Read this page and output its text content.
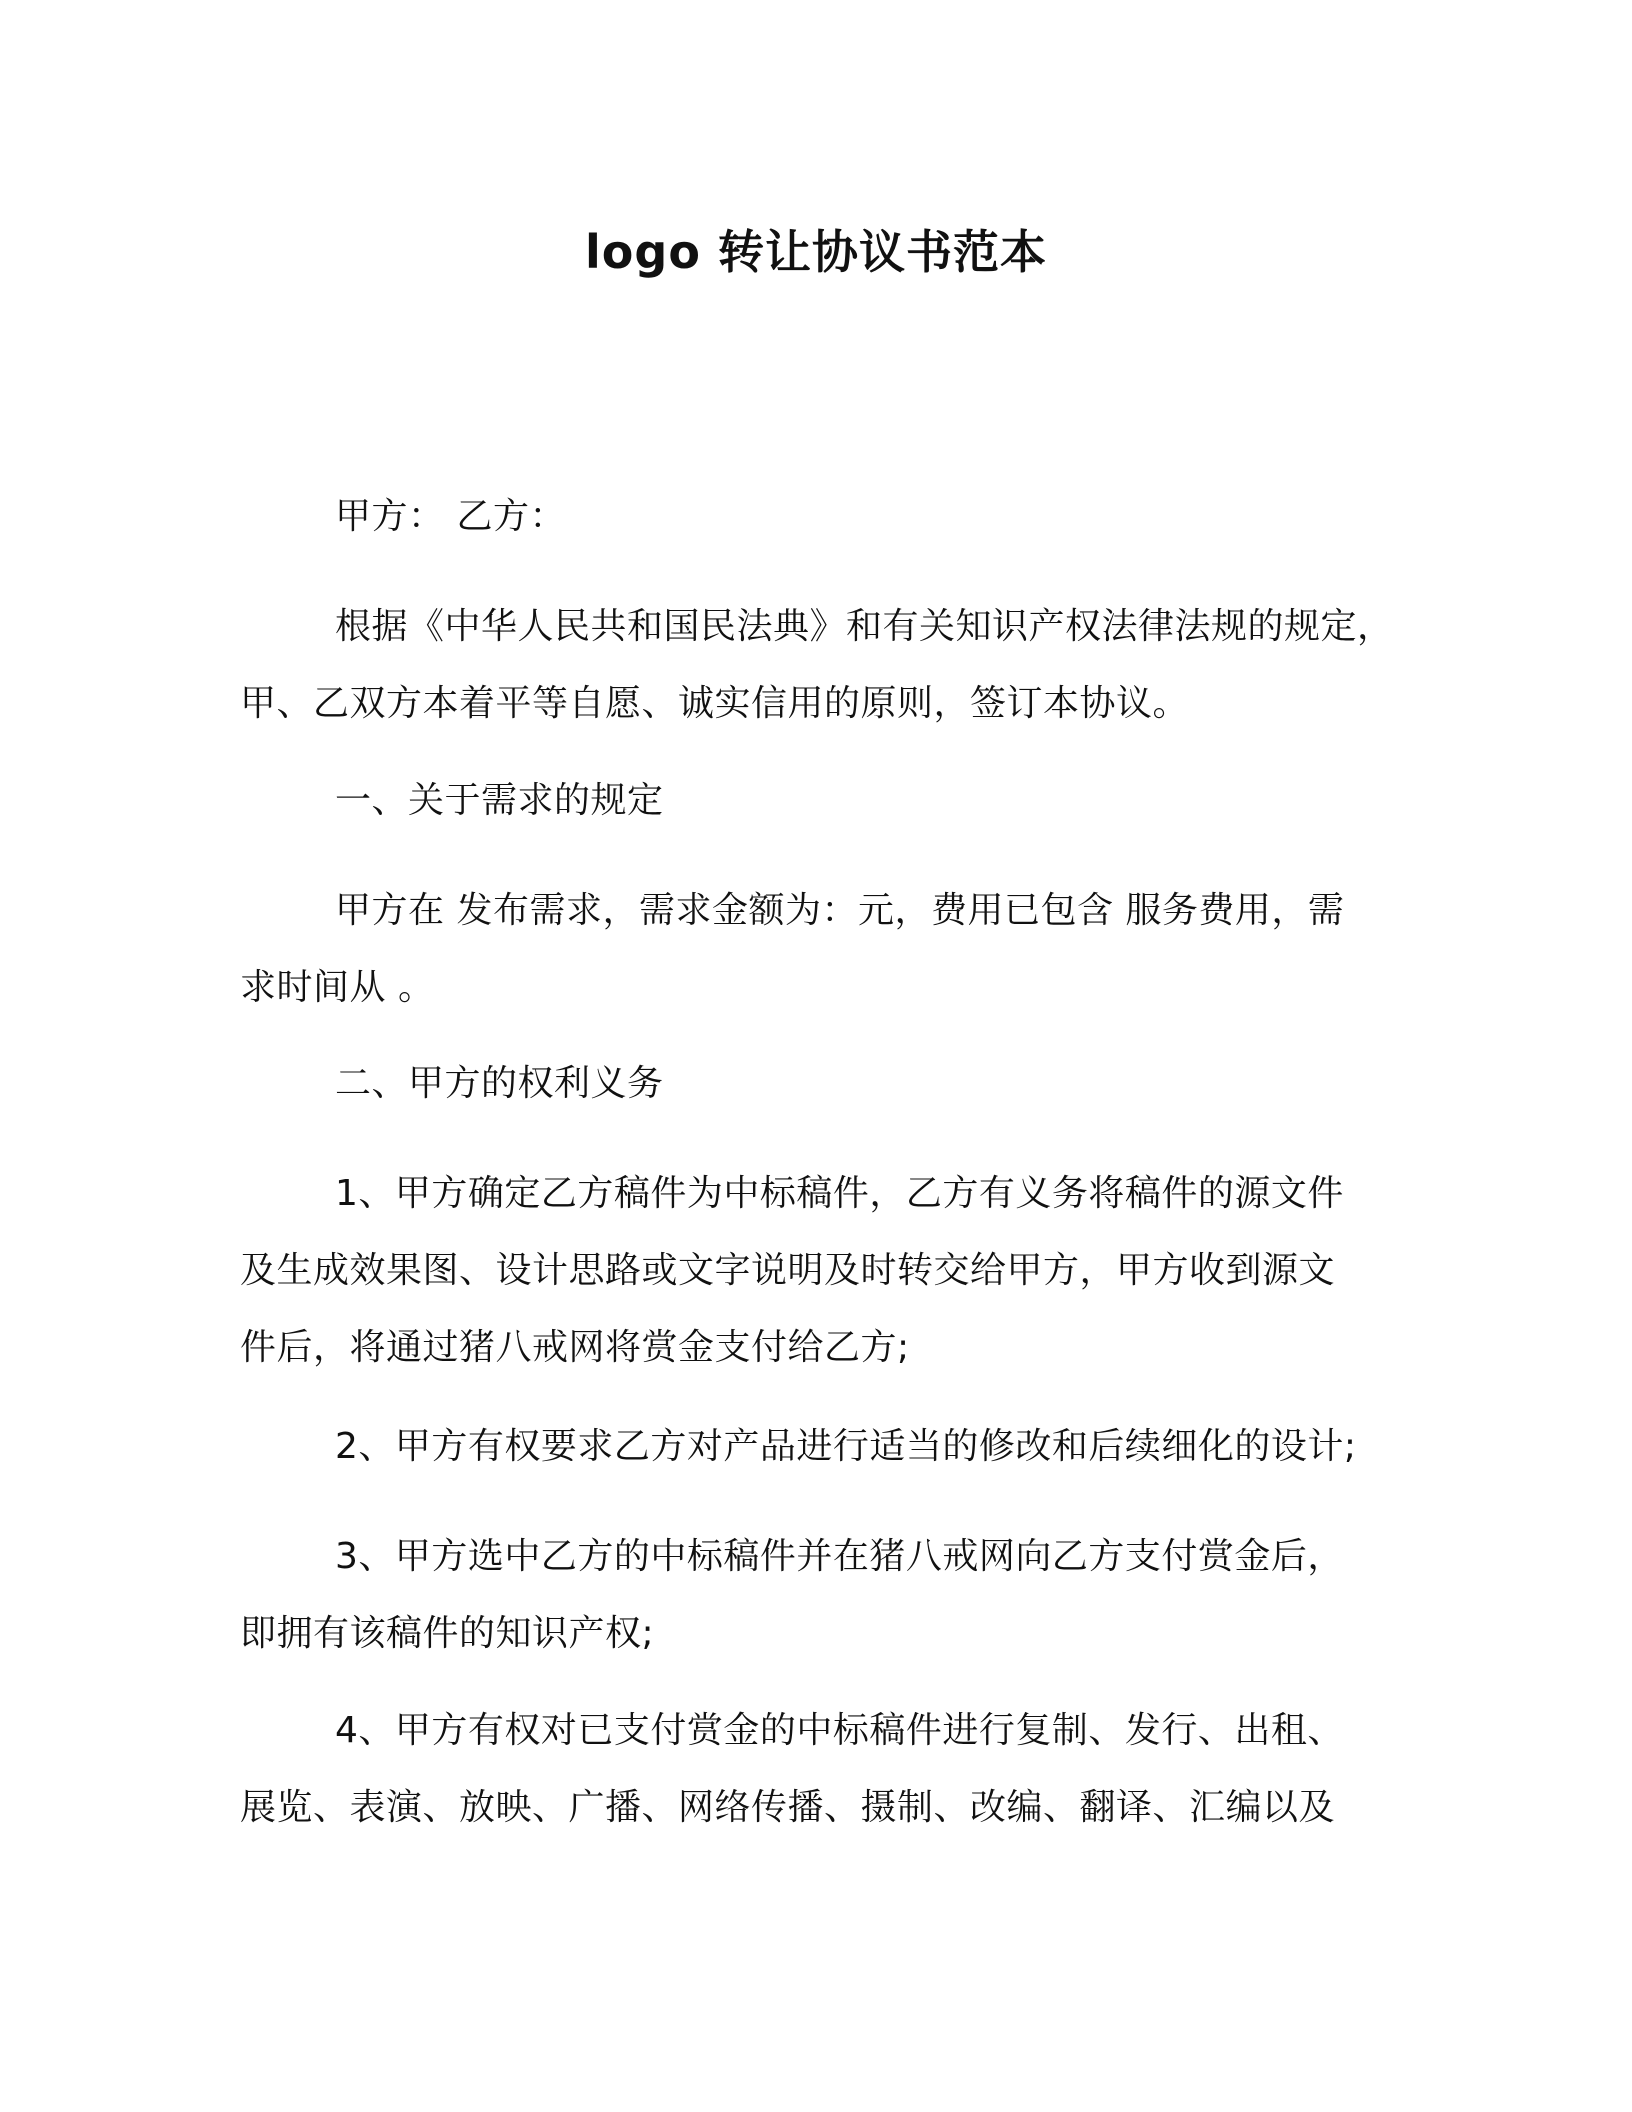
logo 转让协议书范本

甲方： 乙方：

根据《中华人民共和国民法典》和有关知识产权法律法规的规定，
甲、乙双方本着平等自愿、诚实信用的原则，签订本协议。

一、关于需求的规定

甲方在 发布需求，需求金额为：元，费用已包含 服务费用，需
求时间从 。

二、甲方的权利义务

1、甲方确定乙方稿件为中标稿件，乙方有义务将稿件的源文件
及生成效果图、设计思路或文字说明及时转交给甲方，甲方收到源文
件后，将通过猪八戒网将赏金支付给乙方;

2、甲方有权要求乙方对产品进行适当的修改和后续细化的设计;

3、甲方选中乙方的中标稿件并在猪八戒网向乙方支付赏金后，
即拥有该稿件的知识产权;

4、甲方有权对已支付赏金的中标稿件进行复制、发行、出租、
展览、表演、放映、广播、网络传播、摄制、改编、翻译、汇编以及
